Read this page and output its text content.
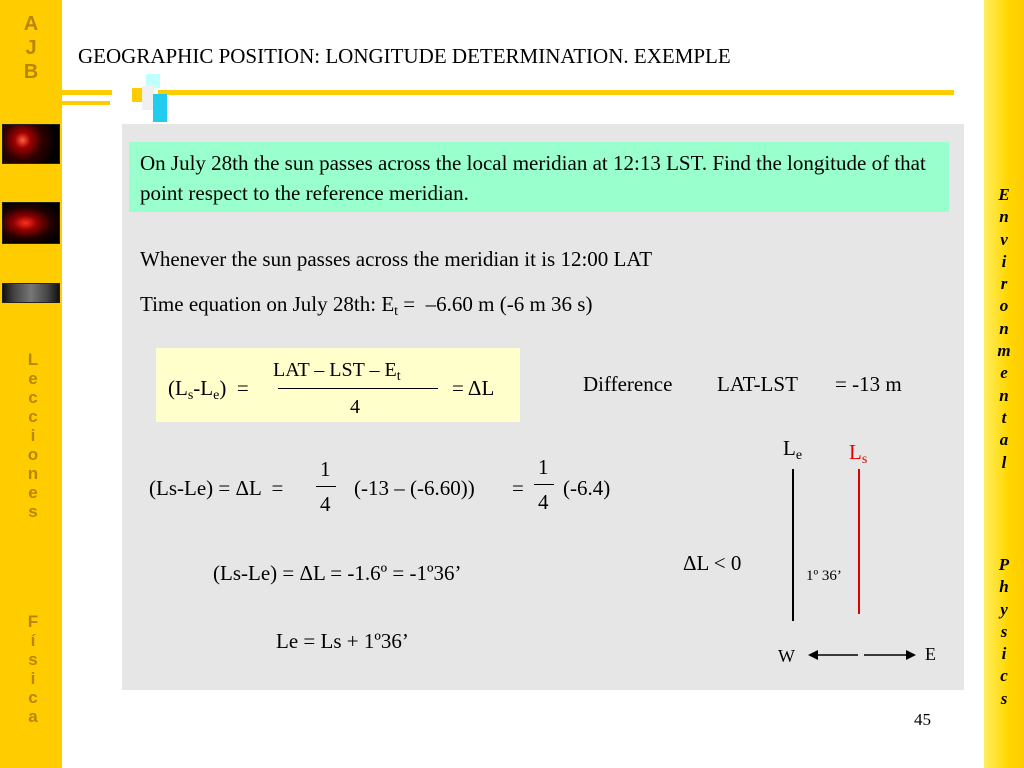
A
J
B
L
e
c
c
i
o
n
e
s
F
í
s
i
c
a
E
n
v
i
r
o
n
m
e
n
t
a
l
P
h
y
s
i
c
s
GEOGRAPHIC POSITION: LONGITUDE DETERMINATION. EXEMPLE
On July 28th the sun passes across the local meridian at 12:13 LST. Find the longitude of that point respect to the reference meridian.
Whenever the sun passes across the meridian it is 12:00 LAT
Time equation on July 28th: $E_t = -6.60$ m (-6 m 36 s)
$(L_s-L_e)$  =
LAT – LST – $E_t$
4
= ΔL	Difference LAT-LST = -13 m
(Ls-Le) = ΔL  =
1
4
(-13 – (-6.60)) =
1
4
(-6.4)
(Ls-Le) = ΔL = -1.6º = -1º36’
Le = Ls + 1º36’
$L_e$ $L_s$
ΔL < 0
1º 36’
W	E
45
